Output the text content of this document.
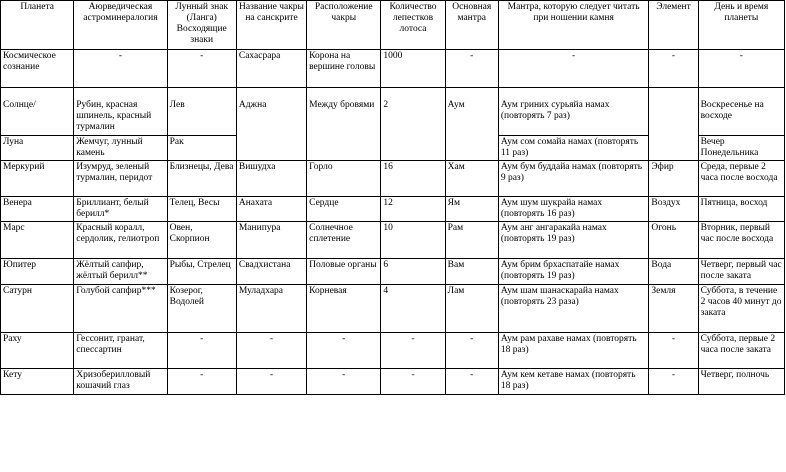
Планета	Аюрведическая астроминералогия	Лунный знак (Ланга) Восходящие знаки	Название чакры на санскрите	Расположение чакры	Количество лепестков лотоса	Основная мантра	Мантра, которую следует читать при ношении камня	Элемент	День и время планеты
Космическое сознание	-	-	Сахасрара	Корона на вершине головы	1000	-	-	-	-
Солнце/	Рубин, красная шпинель, красный турмалин	Лев	Аджна	Между бровями	2	Аум	Аум гриних сурьяйа намах (повторять 7 раз)		Воскресенье на восходе
Луна	Жемчуг, лунный камень	Рак					Аум сом сомайа намах (повторять 11 раз)		Вечер Понедельника
Меркурий	Изумруд, зеленый турмалин, перидот	Близнецы, Дева	Вишудха	Горло	16	Хам	Аум бум буддайа намах (повторять 9 раз)	Эфир	Среда, первые 2 часа после восхода
Венера	Бриллиант, белый берилл*	Телец, Весы	Анахата	Сердце	12	Ям	Аум шум шукрайа намах (повторять 16 раз)	Воздух	Пятница, восход
Марс	Красный коралл, сердолик, гелиотроп	Овен, Скорпион	Манипура	Солнечное сплетение	10	Рам	Аум анг ангаракайа намах (повторять 19 раз)	Огонь	Вторник, первый час после восхода
Юпитер	Жёлтый сапфир, жёлтый берилл**	Рыбы, Стрелец	Свадхистана	Половые органы	6	Вам	Аум брим брхаспатайе намах (повторять 19 раз)	Вода	Четверг, первый час после заката
Сатурн	Голубой сапфир***	Козерог, Водолей	Муладхара	Корневая	4	Лам	Аум шам шанаскарайа намах (повторять 23 раза)	Земля	Суббота, в течение 2 часов 40 минут до заката
Раху	Гессонит, гранат, спессартин	-	-	-	-	-	Аум рам рахаве намах (повторять 18 раз)	-	Суббота, первые 2 часа после заката
Кету	Хризоберилловый кошачий глаз	-	-	-	-	-	Аум кем кетаве намах (повторять 18 раз)	-	Четверг, полночь
